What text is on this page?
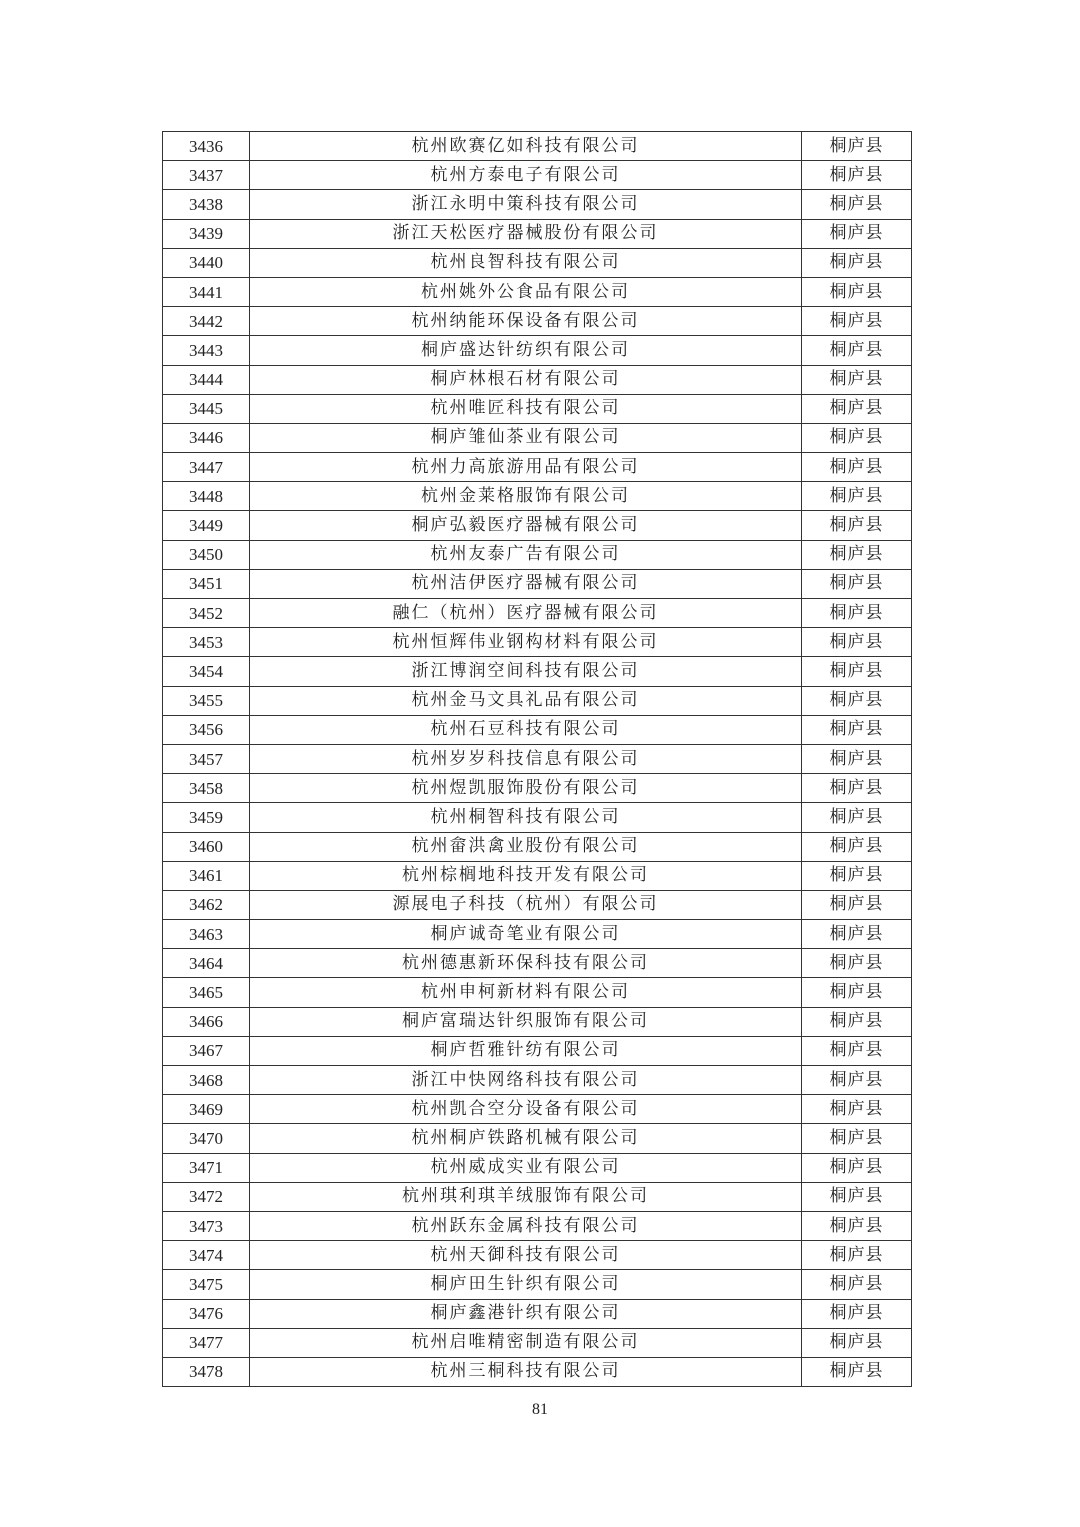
3436	杭州欧赛亿如科技有限公司	桐庐县
3437	杭州方泰电子有限公司	桐庐县
3438	浙江永明中策科技有限公司	桐庐县
3439	浙江天松医疗器械股份有限公司	桐庐县
3440	杭州良智科技有限公司	桐庐县
3441	杭州姚外公食品有限公司	桐庐县
3442	杭州纳能环保设备有限公司	桐庐县
3443	桐庐盛达针纺织有限公司	桐庐县
3444	桐庐林根石材有限公司	桐庐县
3445	杭州唯匠科技有限公司	桐庐县
3446	桐庐雏仙茶业有限公司	桐庐县
3447	杭州力高旅游用品有限公司	桐庐县
3448	杭州金莱格服饰有限公司	桐庐县
3449	桐庐弘毅医疗器械有限公司	桐庐县
3450	杭州友泰广告有限公司	桐庐县
3451	杭州洁伊医疗器械有限公司	桐庐县
3452	融仁（杭州）医疗器械有限公司	桐庐县
3453	杭州恒辉伟业钢构材料有限公司	桐庐县
3454	浙江博润空间科技有限公司	桐庐县
3455	杭州金马文具礼品有限公司	桐庐县
3456	杭州石豆科技有限公司	桐庐县
3457	杭州岁岁科技信息有限公司	桐庐县
3458	杭州煜凯服饰股份有限公司	桐庐县
3459	杭州桐智科技有限公司	桐庐县
3460	杭州畲洪禽业股份有限公司	桐庐县
3461	杭州棕榈地科技开发有限公司	桐庐县
3462	源展电子科技（杭州）有限公司	桐庐县
3463	桐庐诚奇笔业有限公司	桐庐县
3464	杭州德惠新环保科技有限公司	桐庐县
3465	杭州申柯新材料有限公司	桐庐县
3466	桐庐富瑞达针织服饰有限公司	桐庐县
3467	桐庐哲雅针纺有限公司	桐庐县
3468	浙江中快网络科技有限公司	桐庐县
3469	杭州凯合空分设备有限公司	桐庐县
3470	杭州桐庐铁路机械有限公司	桐庐县
3471	杭州威成实业有限公司	桐庐县
3472	杭州琪利琪羊绒服饰有限公司	桐庐县
3473	杭州跃东金属科技有限公司	桐庐县
3474	杭州天御科技有限公司	桐庐县
3475	桐庐田生针织有限公司	桐庐县
3476	桐庐鑫港针织有限公司	桐庐县
3477	杭州启唯精密制造有限公司	桐庐县
3478	杭州三桐科技有限公司	桐庐县
81
